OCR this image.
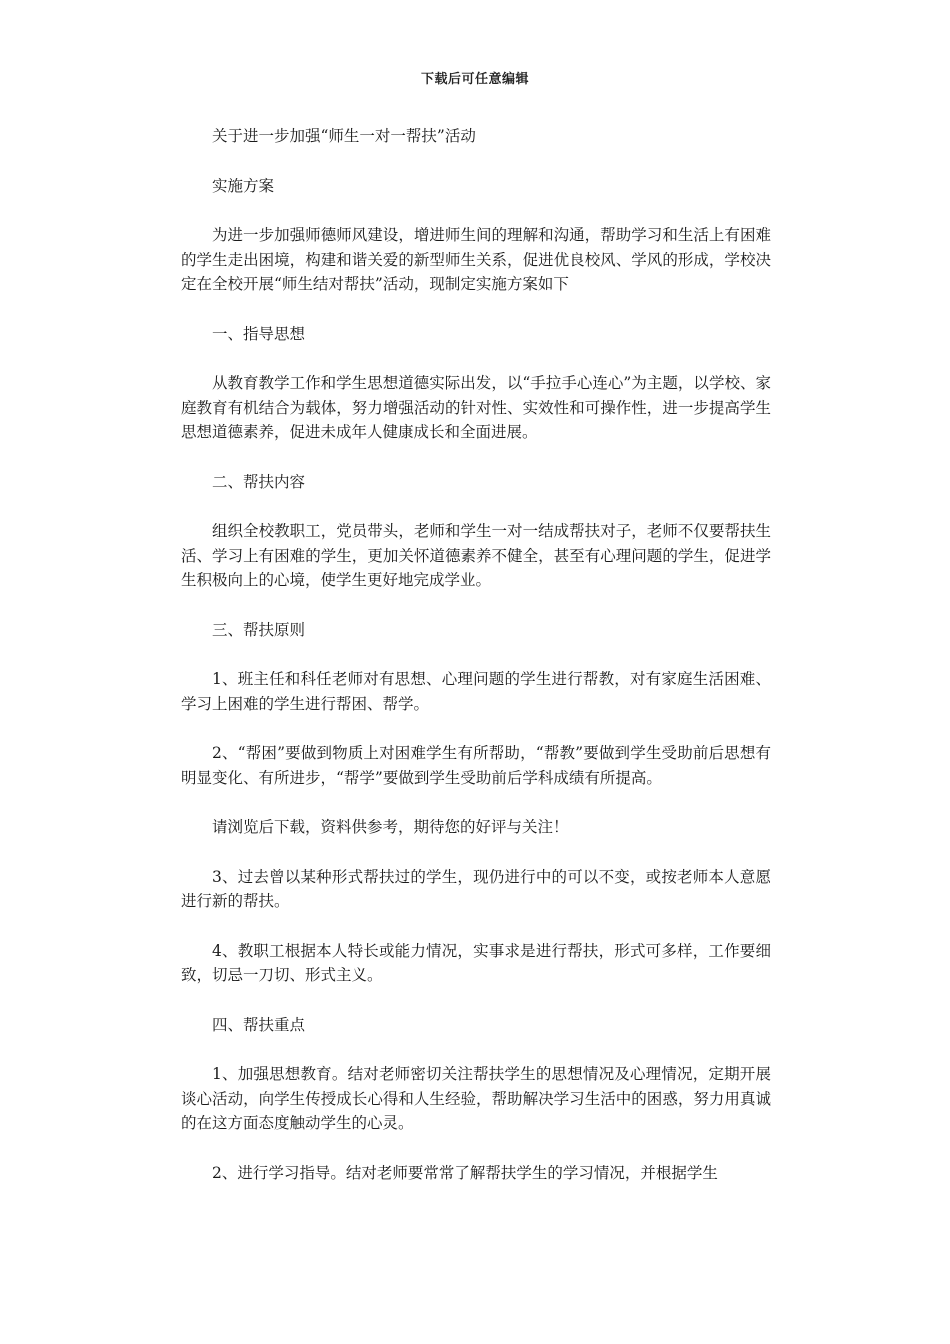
下载后可任意编辑

关于进一步加强“师生一对一帮扶”活动

实施方案

为进一步加强师德师风建设，增进师生间的理解和沟通，帮助学习和生活上有困难的学生走出困境，构建和谐关爱的新型师生关系，促进优良校风、学风的形成，学校决定在全校开展“师生结对帮扶”活动，现制定实施方案如下

一、指导思想

从教育教学工作和学生思想道德实际出发，以“手拉手心连心”为主题，以学校、家庭教育有机结合为载体，努力增强活动的针对性、实效性和可操作性，进一步提高学生思想道德素养，促进未成年人健康成长和全面进展。

二、帮扶内容

组织全校教职工，党员带头，老师和学生一对一结成帮扶对子，老师不仅要帮扶生活、学习上有困难的学生，更加关怀道德素养不健全，甚至有心理问题的学生，促进学生积极向上的心境，使学生更好地完成学业。

三、帮扶原则

1、班主任和科任老师对有思想、心理问题的学生进行帮教，对有家庭生活困难、学习上困难的学生进行帮困、帮学。

2、“帮困”要做到物质上对困难学生有所帮助，“帮教”要做到学生受助前后思想有明显变化、有所进步，“帮学”要做到学生受助前后学科成绩有所提高。

请浏览后下载，资料供参考，期待您的好评与关注！

3、过去曾以某种形式帮扶过的学生，现仍进行中的可以不变，或按老师本人意愿进行新的帮扶。

4、教职工根据本人特长或能力情况，实事求是进行帮扶，形式可多样，工作要细致，切忌一刀切、形式主义。

四、帮扶重点

1、加强思想教育。结对老师密切关注帮扶学生的思想情况及心理情况，定期开展谈心活动，向学生传授成长心得和人生经验，帮助解决学习生活中的困惑，努力用真诚的在这方面态度触动学生的心灵。

2、进行学习指导。结对老师要常常了解帮扶学生的学习情况，并根据学生
